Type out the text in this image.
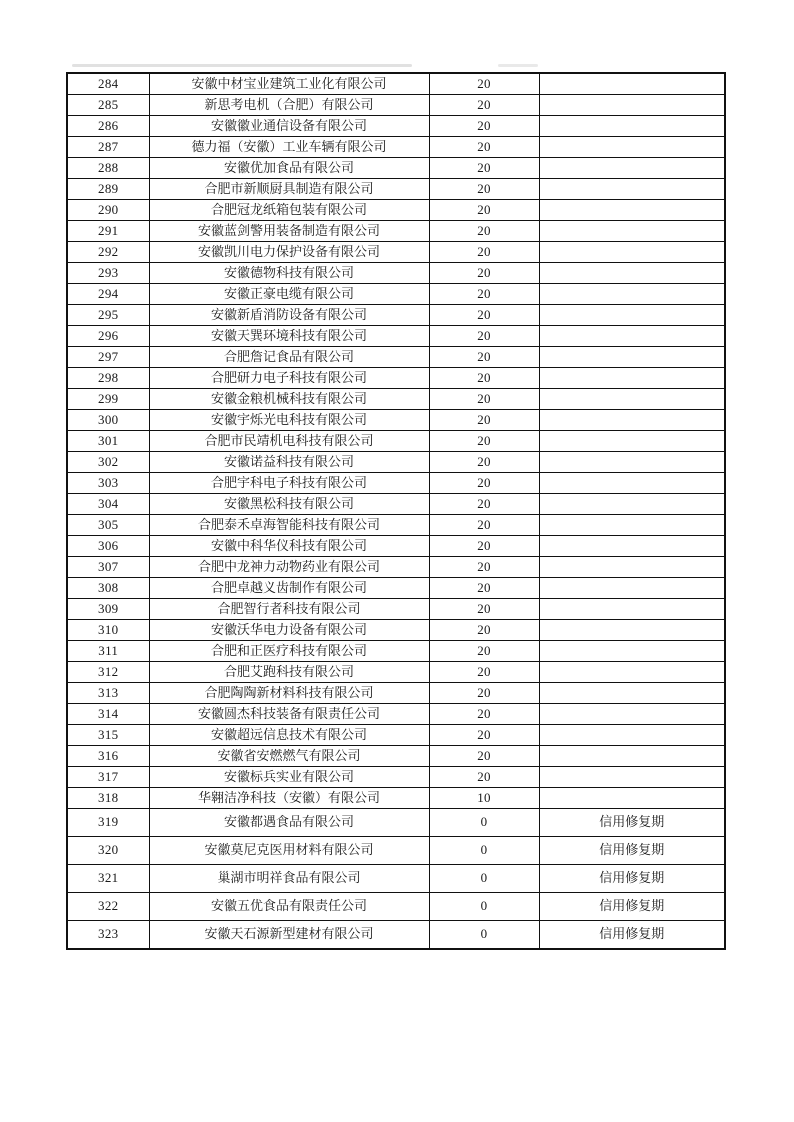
284	安徽中材宝业建筑工业化有限公司	20	
285	新思考电机（合肥）有限公司	20	
286	安徽徽业通信设备有限公司	20	
287	德力福（安徽）工业车辆有限公司	20	
288	安徽优加食品有限公司	20	
289	合肥市新顺厨具制造有限公司	20	
290	合肥冠龙纸箱包装有限公司	20	
291	安徽蓝剑警用装备制造有限公司	20	
292	安徽凯川电力保护设备有限公司	20	
293	安徽德物科技有限公司	20	
294	安徽正豪电缆有限公司	20	
295	安徽新盾消防设备有限公司	20	
296	安徽天巽环境科技有限公司	20	
297	合肥詹记食品有限公司	20	
298	合肥研力电子科技有限公司	20	
299	安徽金粮机械科技有限公司	20	
300	安徽宇烁光电科技有限公司	20	
301	合肥市民靖机电科技有限公司	20	
302	安徽诺益科技有限公司	20	
303	合肥宇科电子科技有限公司	20	
304	安徽黑松科技有限公司	20	
305	合肥泰禾卓海智能科技有限公司	20	
306	安徽中科华仪科技有限公司	20	
307	合肥中龙神力动物药业有限公司	20	
308	合肥卓越义齿制作有限公司	20	
309	合肥智行者科技有限公司	20	
310	安徽沃华电力设备有限公司	20	
311	合肥和正医疗科技有限公司	20	
312	合肥艾跑科技有限公司	20	
313	合肥陶陶新材料科技有限公司	20	
314	安徽圆杰科技装备有限责任公司	20	
315	安徽超远信息技术有限公司	20	
316	安徽省安燃燃气有限公司	20	
317	安徽标兵实业有限公司	20	
318	华翱洁净科技（安徽）有限公司	10	
319	安徽都遇食品有限公司	0	信用修复期
320	安徽莫尼克医用材料有限公司	0	信用修复期
321	巢湖市明祥食品有限公司	0	信用修复期
322	安徽五优食品有限责任公司	0	信用修复期
323	安徽天石源新型建材有限公司	0	信用修复期
